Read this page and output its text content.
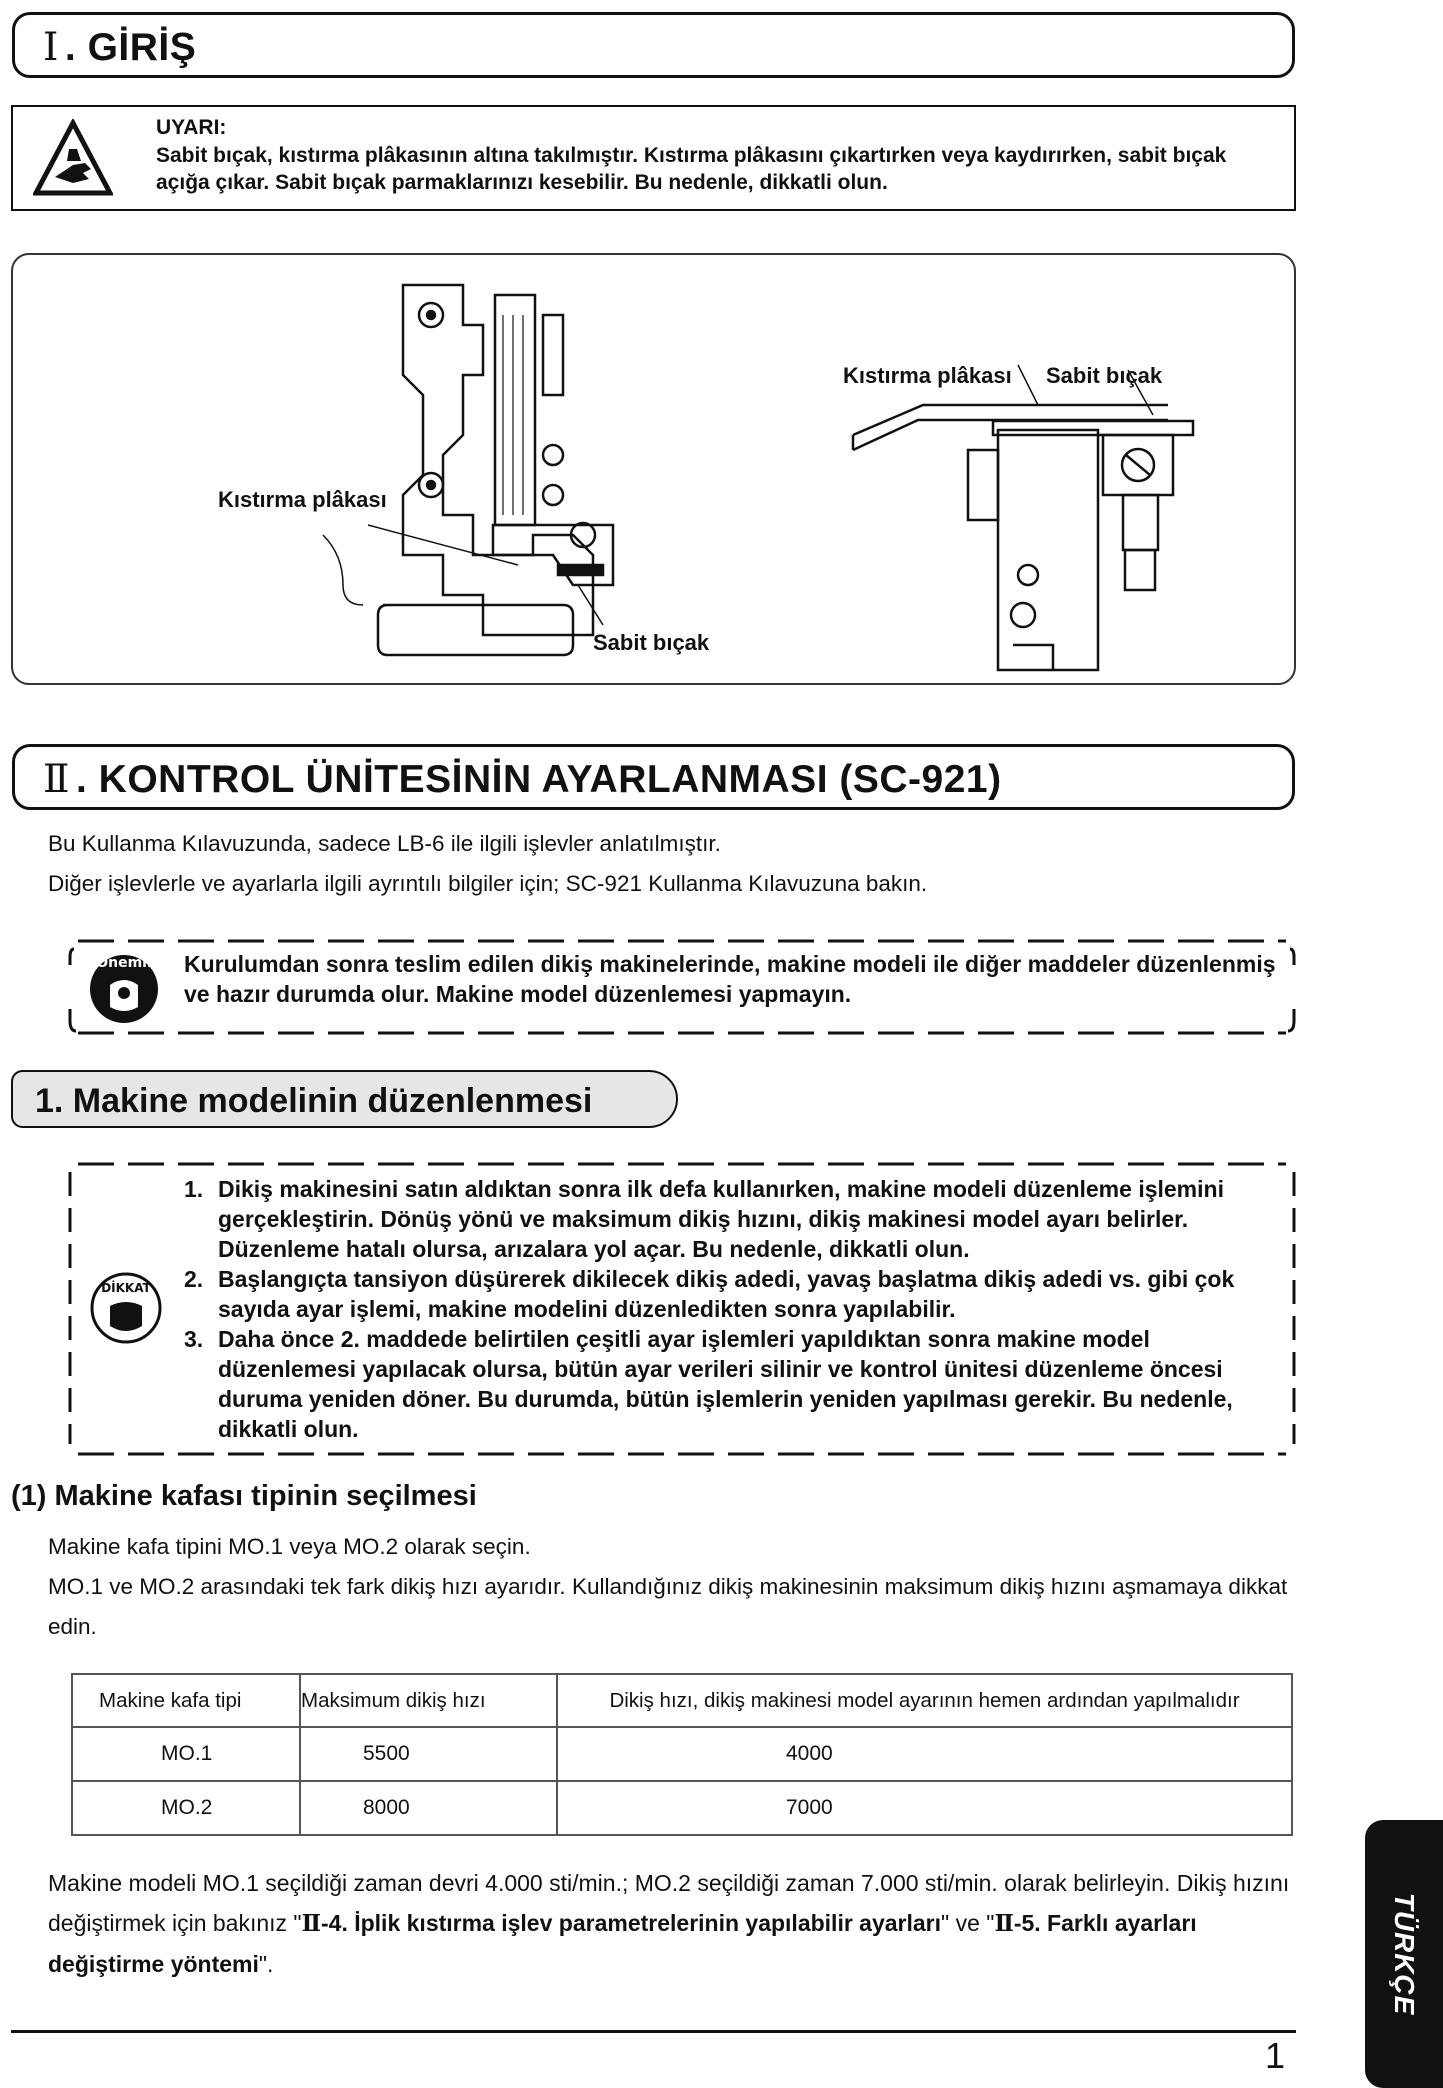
Ⅰ . GİRİŞ
UYARI:
Sabit bıçak, kıstırma plâkasının altına takılmıştır. Kıstırma plâkasını çıkartırken veya kaydırırken, sabit bıçak açığa çıkar. Sabit bıçak parmaklarınızı kesebilir. Bu nedenle, dikkatli olun.
Kıstırma plâkası
Sabit bıçak
Kıstırma plâkası Sabit bıçak
Ⅱ . KONTROL ÜNİTESİNİN AYARLANMASI (SC-921)
Bu Kullanma Kılavuzunda, sadece LB-6 ile ilgili işlevler anlatılmıştır.
Diğer işlevlerle ve ayarlarla ilgili ayrıntılı bilgiler için; SC-921 Kullanma Kılavuzuna bakın.
Önemli Kurulumdan sonra teslim edilen dikiş makinelerinde, makine modeli ile diğer maddeler düzenlenmiş ve hazır durumda olur. Makine model düzenlemesi yapmayın.
1. Makine modelinin düzenlenmesi
DİKKAT
1. Dikiş makinesini satın aldıktan sonra ilk defa kullanırken, makine modeli düzenleme işlemini gerçekleştirin. Dönüş yönü ve maksimum dikiş hızını, dikiş makinesi model ayarı belirler. Düzenleme hatalı olursa, arızalara yol açar. Bu nedenle, dikkatli olun.
2. Başlangıçta tansiyon düşürerek dikilecek dikiş adedi, yavaş başlatma dikiş adedi vs. gibi çok sayıda ayar işlemi, makine modelini düzenledikten sonra yapılabilir.
3. Daha önce 2. maddede belirtilen çeşitli ayar işlemleri yapıldıktan sonra makine model düzenlemesi yapılacak olursa, bütün ayar verileri silinir ve kontrol ünitesi düzenleme öncesi duruma yeniden döner. Bu durumda, bütün işlemlerin yeniden yapılması gerekir. Bu nedenle, dikkatli olun.
(1) Makine kafası tipinin seçilmesi
Makine kafa tipini MO.1 veya MO.2 olarak seçin.
MO.1 ve MO.2 arasındaki tek fark dikiş hızı ayarıdır. Kullandığınız dikiş makinesinin maksimum dikiş hızını aşmamaya dikkat edin.
Makine kafa tipi	Maksimum dikiş hızı	Dikiş hızı, dikiş makinesi model ayarının hemen ardından yapılmalıdır
MO.1	5500	4000
MO.2	8000	7000
Makine modeli MO.1 seçildiği zaman devri 4.000 sti/min.; MO.2 seçildiği zaman 7.000 sti/min. olarak belirleyin. Dikiş hızını değiştirmek için bakınız "Ⅱ-4. İplik kıstırma işlev parametrelerinin yapılabilir ayarları" ve "Ⅱ-5. Farklı ayarları değiştirme yöntemi".
1
TÜRKÇE
